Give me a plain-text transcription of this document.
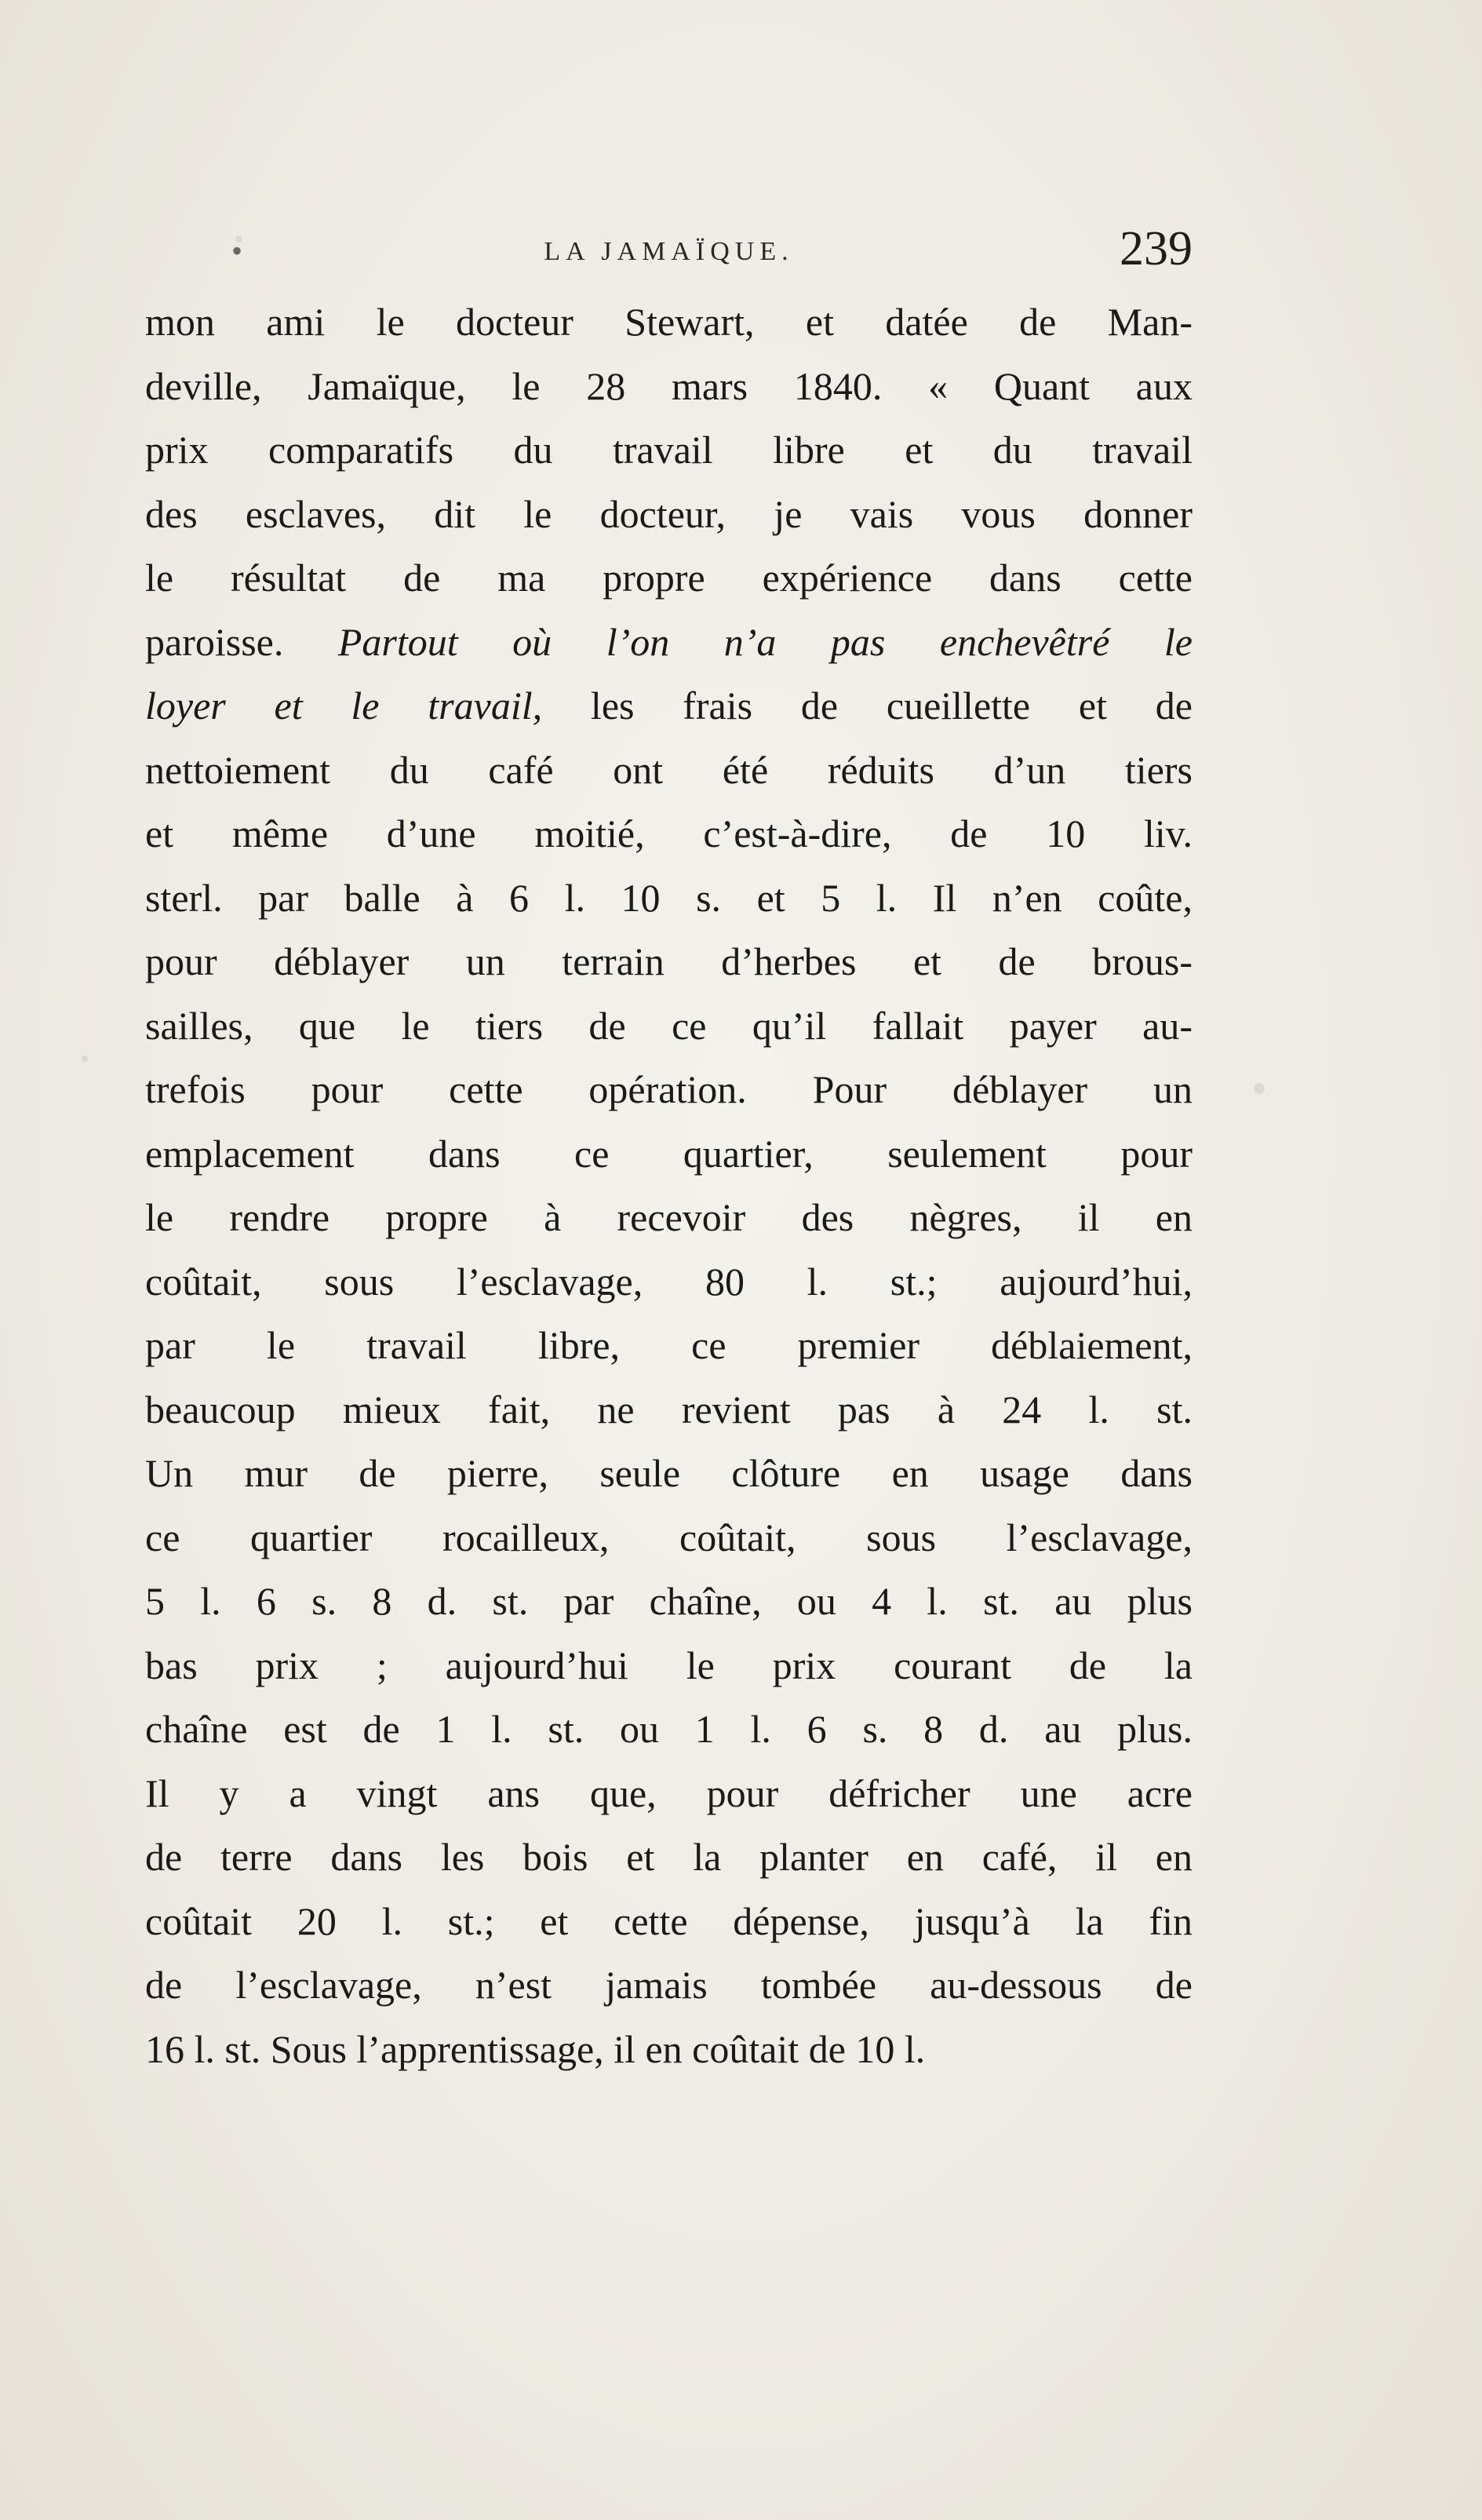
•	LA JAMAÏQUE.	239
mon ami le docteur Stewart, et datée de Man-
deville, Jamaïque, le 28 mars 1840. « Quant aux
prix comparatifs du travail libre et du travail
des esclaves, dit le docteur, je vais vous donner
le résultat de ma propre expérience dans cette
paroisse. Partout où l’on n’a pas enchevêtré le
loyer et le travail, les frais de cueillette et de
nettoiement du café ont été réduits d’un tiers
et même d’une moitié, c’est-à-dire, de 10 liv.
sterl. par balle à 6 l. 10 s. et 5 l. Il n’en coûte,
pour déblayer un terrain d’herbes et de brous-
sailles, que le tiers de ce qu’il fallait payer au-
trefois pour cette opération. Pour déblayer un
emplacement dans ce quartier, seulement pour
le rendre propre à recevoir des nègres, il en
coûtait, sous l’esclavage, 80 l. st.; aujourd’hui,
par le travail libre, ce premier déblaiement,
beaucoup mieux fait, ne revient pas à 24 l. st.
Un mur de pierre, seule clôture en usage dans
ce quartier rocailleux, coûtait, sous l’esclavage,
5 l. 6 s. 8 d. st. par chaîne, ou 4 l. st. au plus
bas prix ; aujourd’hui le prix courant de la
chaîne est de 1 l. st. ou 1 l. 6 s. 8 d. au plus.
Il y a vingt ans que, pour défricher une acre
de terre dans les bois et la planter en café, il en
coûtait 20 l. st.; et cette dépense, jusqu’à la fin
de l’esclavage, n’est jamais tombée au-dessous de
16 l. st. Sous l’apprentissage, il en coûtait de 10 l.
